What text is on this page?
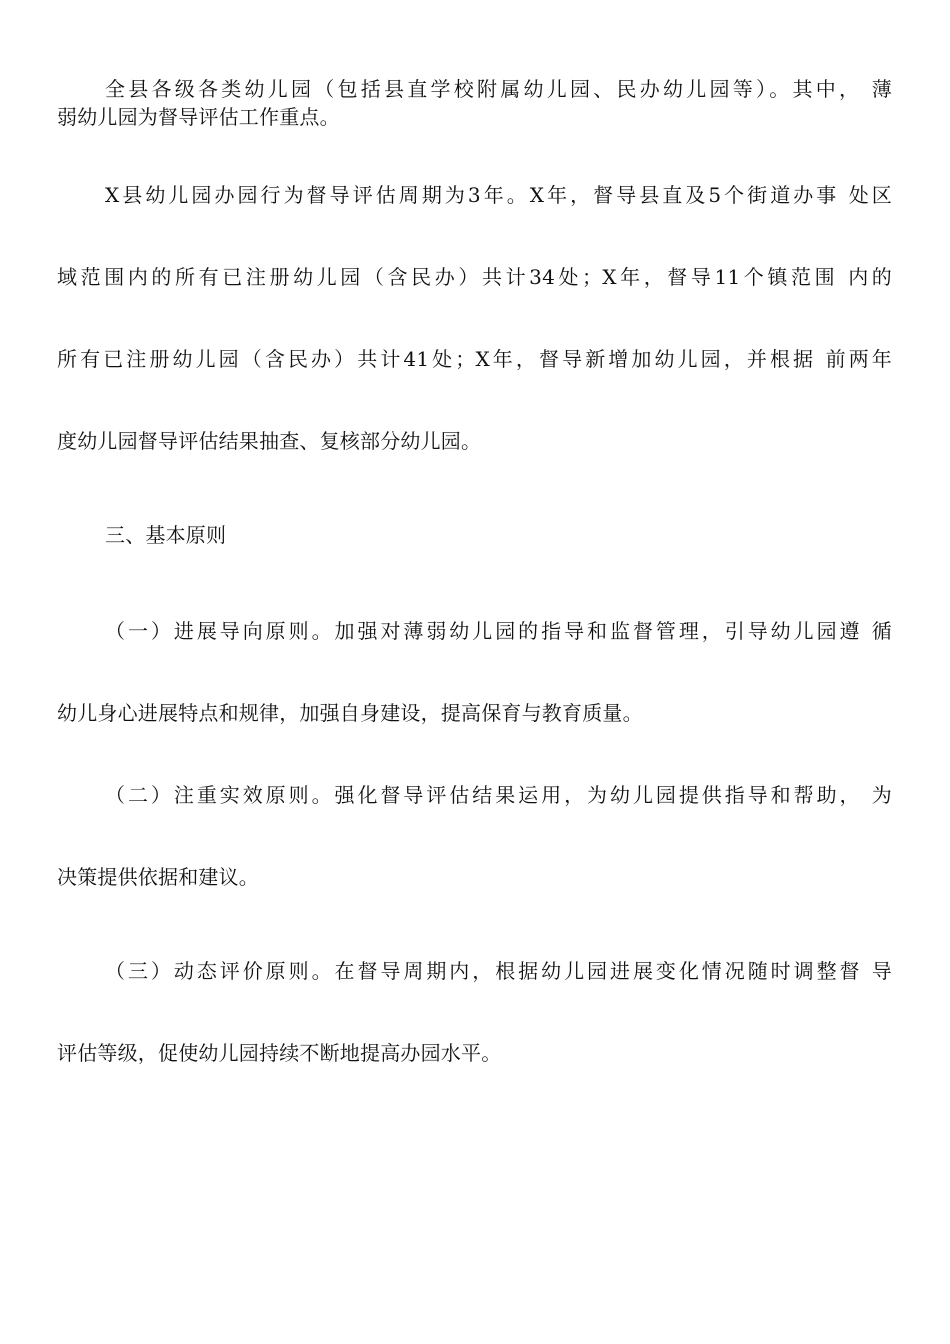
全县各级各类幼儿园（包括县直学校附属幼儿园、民办幼儿园等）。其中， 薄
弱幼儿园为督导评估工作重点。
X县幼儿园办园行为督导评估周期为3年。X年，督导县直及5个街道办事 处区
域范围内的所有已注册幼儿园（含民办）共计34处；X年，督导11个镇范围 内的
所有已注册幼儿园（含民办）共计41处；X年，督导新增加幼儿园，并根据 前两年
度幼儿园督导评估结果抽查、复核部分幼儿园。
三、基本原则
（一）进展导向原则。加强对薄弱幼儿园的指导和监督管理，引导幼儿园遵 循
幼儿身心进展特点和规律，加强自身建设，提高保育与教育质量。
（二）注重实效原则。强化督导评估结果运用，为幼儿园提供指导和帮助， 为
决策提供依据和建议。
（三）动态评价原则。在督导周期内，根据幼儿园进展变化情况随时调整督 导
评估等级，促使幼儿园持续不断地提高办园水平。
